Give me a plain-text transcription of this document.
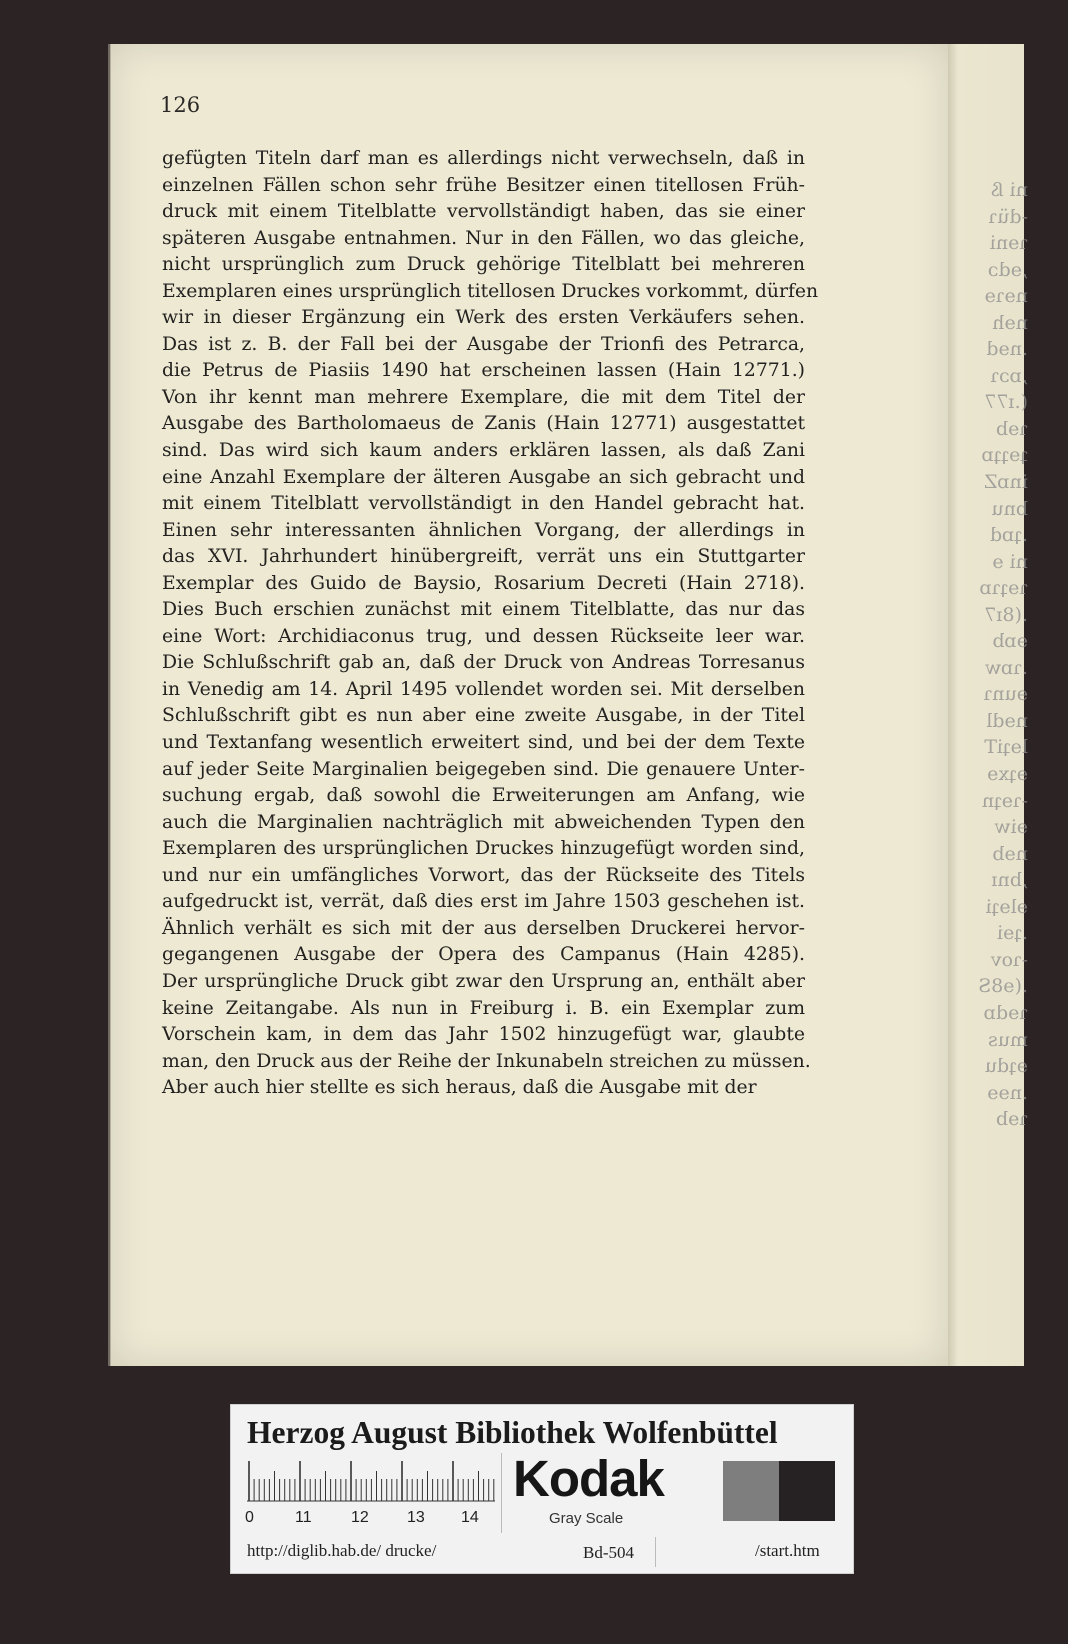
ni ß
-düɿ
ɿɘni
,ɘdɔ
nɘɿɘ
nɘh
.nɘd
,ɒɔɿ
(.ɪ77
ɿɘb
ʇɘʇʇɒ
inɒZ
bnu
.ʇɒd
ni ɘ
ɿɘʇɿɒ
.(8ɪ7
ɘɒb
.ɿɒw
ɘunɿ
nɘdl
lɘʇiT
ɘʇxɘ
-ɿɘʇn
ɘiw
nɘb
,bnɪ
ɘlɘʇi
.ʇɘi
-ɿov
.(ɘ8S
ɿɘdɒ
mus
ɘʇdu
.nɘɘ
ɿɘb
126
gefügten Titeln darf man es allerdings nicht verwechseln, daß in
einzelnen Fällen schon sehr frühe Besitzer einen titellosen Früh-
druck mit einem Titelblatte vervollständigt haben, das sie einer
späteren Ausgabe entnahmen. Nur in den Fällen, wo das gleiche,
nicht ursprünglich zum Druck gehörige Titelblatt bei mehreren
Exemplaren eines ursprünglich titellosen Druckes vorkommt, dürfen
wir in dieser Ergänzung ein Werk des ersten Verkäufers sehen.
Das ist z. B. der Fall bei der Ausgabe der Trionfi des Petrarca,
die Petrus de Piasiis 1490 hat erscheinen lassen (Hain 12771.)
Von ihr kennt man mehrere Exemplare, die mit dem Titel der
Ausgabe des Bartholomaeus de Zanis (Hain 12771) ausgestattet
sind. Das wird sich kaum anders erklären lassen, als daß Zani
eine Anzahl Exemplare der älteren Ausgabe an sich gebracht und
mit einem Titelblatt vervollständigt in den Handel gebracht hat.
Einen sehr interessanten ähnlichen Vorgang, der allerdings in
das XVI. Jahrhundert hinübergreift, verrät uns ein Stuttgarter
Exemplar des Guido de Baysio, Rosarium Decreti (Hain 2718).
Dies Buch erschien zunächst mit einem Titelblatte, das nur das
eine Wort: Archidiaconus trug, und dessen Rückseite leer war.
Die Schlußschrift gab an, daß der Druck von Andreas Torresanus
in Venedig am 14. April 1495 vollendet worden sei. Mit derselben
Schlußschrift gibt es nun aber eine zweite Ausgabe, in der Titel
und Textanfang wesentlich erweitert sind, und bei der dem Texte
auf jeder Seite Marginalien beigegeben sind. Die genauere Unter-
suchung ergab, daß sowohl die Erweiterungen am Anfang, wie
auch die Marginalien nachträglich mit abweichenden Typen den
Exemplaren des ursprünglichen Druckes hinzugefügt worden sind,
und nur ein umfängliches Vorwort, das der Rückseite des Titels
aufgedruckt ist, verrät, daß dies erst im Jahre 1503 geschehen ist.
Ähnlich verhält es sich mit der aus derselben Druckerei hervor-
gegangenen Ausgabe der Opera des Campanus (Hain 4285).
Der ursprüngliche Druck gibt zwar den Ursprung an, enthält aber
keine Zeitangabe. Als nun in Freiburg i. B. ein Exemplar zum
Vorschein kam, in dem das Jahr 1502 hinzugefügt war, glaubte
man, den Druck aus der Reihe der Inkunabeln streichen zu müssen.
Aber auch hier stellte es sich heraus, daß die Ausgabe mit der
Herzog August Bibliothek Wolfenbüttel
0	11 12 13 14
Kodak
Gray Scale
http://diglib.hab.de/ drucke/	Bd-504	/start.htm
